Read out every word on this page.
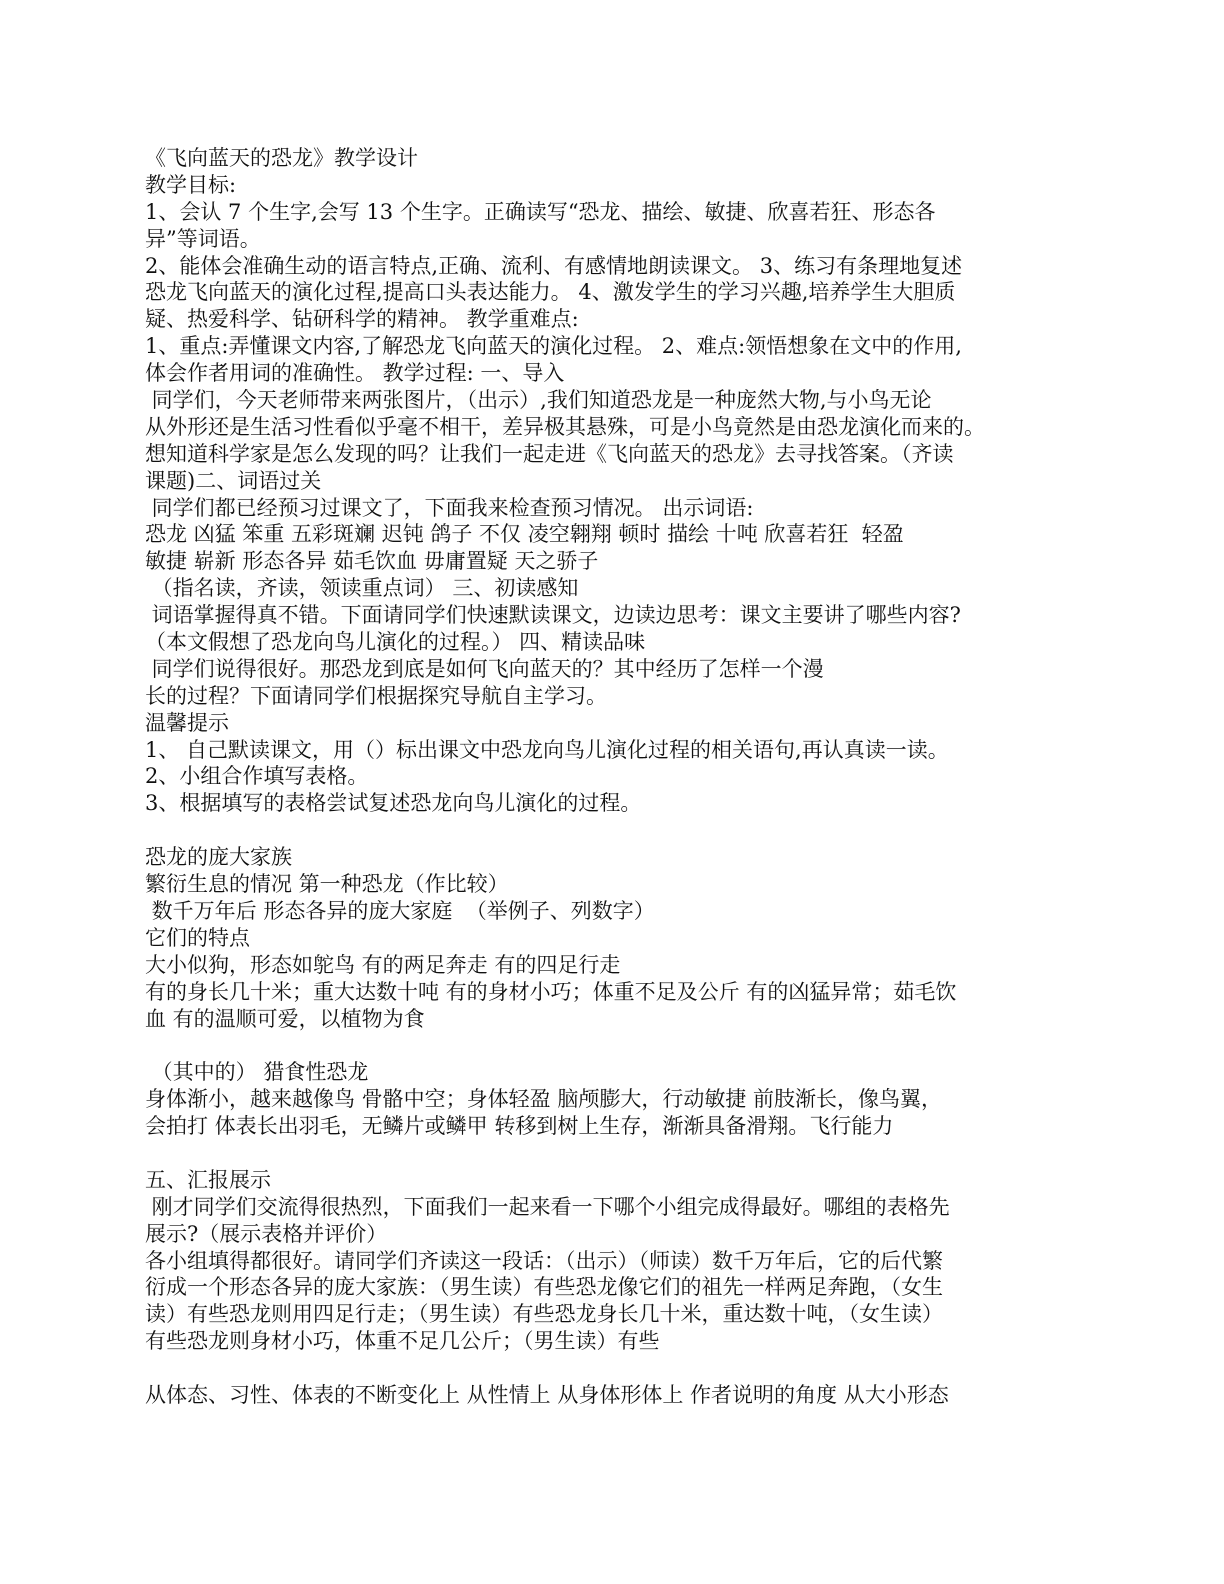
《飞向蓝天的恐龙》教学设计
教学目标:
1、会认 7 个生字,会写 13 个生字。正确读写“恐龙、描绘、敏捷、欣喜若狂、形态各
异”等词语。
2、能体会准确生动的语言特点,正确、流利、有感情地朗读课文。 3、练习有条理地复述
恐龙飞向蓝天的演化过程,提高口头表达能力。 4、激发学生的学习兴趣,培养学生大胆质
疑、热爱科学、钻研科学的精神。 教学重难点:
1、重点:弄懂课文内容,了解恐龙飞向蓝天的演化过程。 2、难点:领悟想象在文中的作用,
体会作者用词的准确性。 教学过程: 一、导入
同学们，今天老师带来两张图片，（出示）,我们知道恐龙是一种庞然大物,与小鸟无论
从外形还是生活习性看似乎毫不相干，差异极其悬殊，可是小鸟竟然是由恐龙演化而来的。
想知道科学家是怎么发现的吗？让我们一起走进《飞向蓝天的恐龙》去寻找答案。（齐读
课题)二、词语过关
同学们都已经预习过课文了，下面我来检查预习情况。 出示词语:
恐龙 凶猛 笨重 五彩斑斓 迟钝 鸽子 不仅 凌空翱翔 顿时 描绘 十吨 欣喜若狂  轻盈
敏捷 崭新 形态各异 茹毛饮血 毋庸置疑 天之骄子
（指名读，齐读，领读重点词） 三、初读感知
词语掌握得真不错。下面请同学们快速默读课文，边读边思考：课文主要讲了哪些内容?
（本文假想了恐龙向鸟儿演化的过程。） 四、精读品味
同学们说得很好。那恐龙到底是如何飞向蓝天的？其中经历了怎样一个漫
长的过程？下面请同学们根据探究导航自主学习。
温馨提示
1、 自己默读课文，用（）标出课文中恐龙向鸟儿演化过程的相关语句,再认真读一读。
2、小组合作填写表格。
3、根据填写的表格尝试复述恐龙向鸟儿演化的过程。
恐龙的庞大家族
繁衍生息的情况 第一种恐龙（作比较）
数千万年后 形态各异的庞大家庭  （举例子、列数字）
它们的特点
大小似狗，形态如鸵鸟 有的两足奔走 有的四足行走
有的身长几十米；重大达数十吨 有的身材小巧；体重不足及公斤 有的凶猛异常；茹毛饮
血 有的温顺可爱，以植物为食
（其中的） 猎食性恐龙
身体渐小，越来越像鸟 骨骼中空；身体轻盈 脑颅膨大，行动敏捷 前肢渐长，像鸟翼，
会拍打 体表长出羽毛，无鳞片或鳞甲 转移到树上生存，渐渐具备滑翔。飞行能力
五、汇报展示
刚才同学们交流得很热烈，下面我们一起来看一下哪个小组完成得最好。哪组的表格先
展示?（展示表格并评价）
各小组填得都很好。请同学们齐读这一段话：（出示）（师读）数千万年后，它的后代繁
衍成一个形态各异的庞大家族：（男生读）有些恐龙像它们的祖先一样两足奔跑，（女生
读）有些恐龙则用四足行走；（男生读）有些恐龙身长几十米，重达数十吨，（女生读）
有些恐龙则身材小巧，体重不足几公斤；（男生读）有些
从体态、习性、体表的不断变化上 从性情上 从身体形体上 作者说明的角度 从大小形态
